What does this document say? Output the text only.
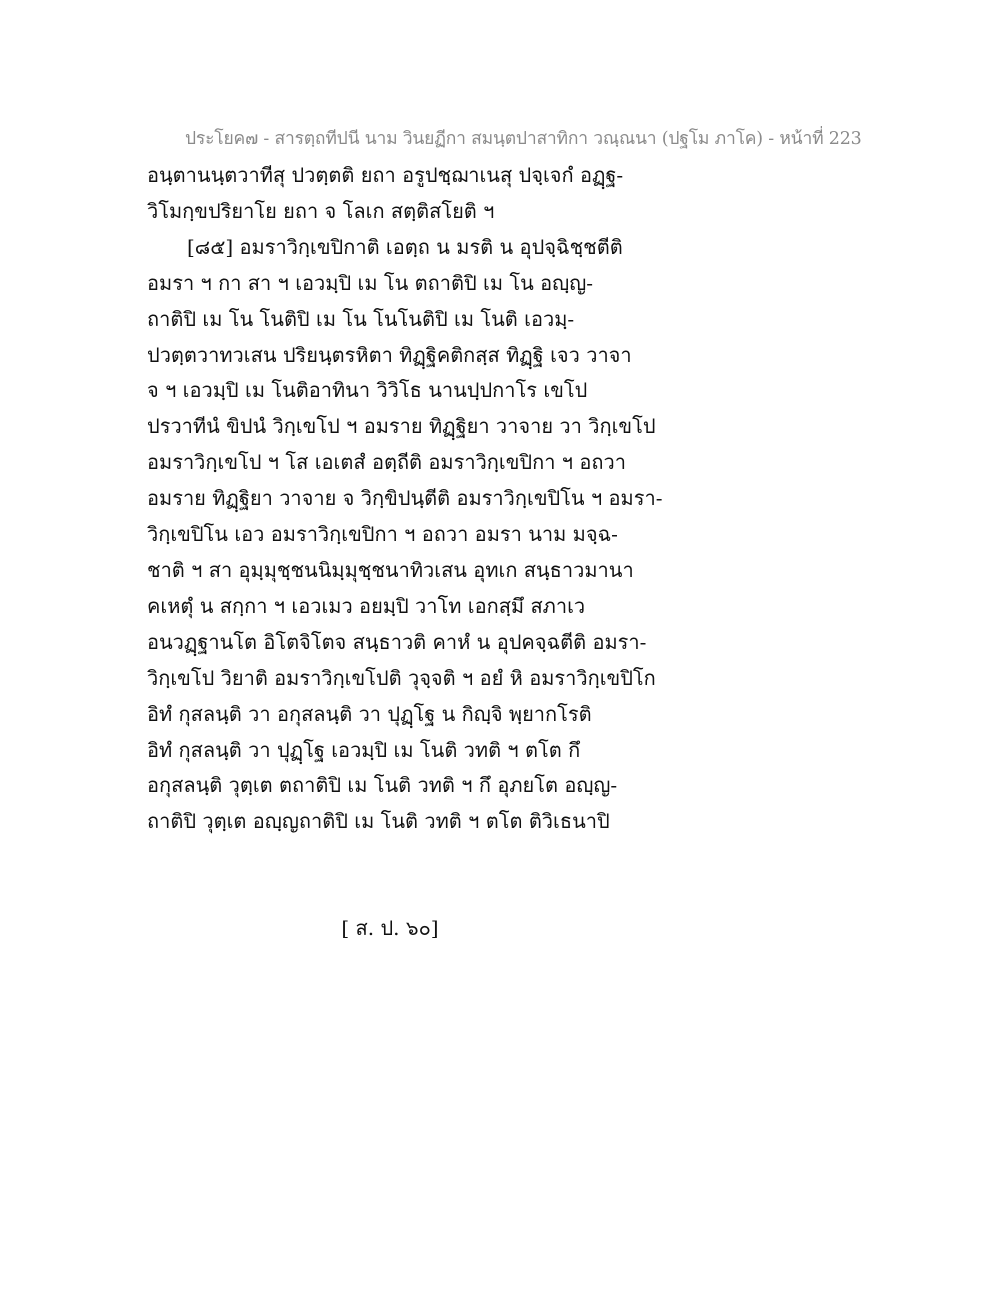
ประโยค๗ - สารตฺถทีปนี นาม วินยฏีกา สมนฺตปาสาทิกา วณฺณนา (ปฐโม ภาโค) - หน้าที่ 223
อนฺตานนฺตวาทีสุ ปวตฺตติ ยถา อรูปชฺฌาเนสุ ปจฺเจกํ อฏฺฐ-
วิโมกฺขปริยาโย ยถา จ โลเก สตฺติสโยติ ฯ
[๘๕] อมราวิกฺเขปิกาติ เอตฺถ น มรติ น อุปจฺฉิชฺชตีติ
อมรา ฯ กา สา ฯ เอวมฺปิ เม โน ตถาติปิ เม โน อญฺญ-
ถาติปิ เม โน โนติปิ เม โน โนโนติปิ เม โนติ เอวมฺ-
ปวตฺตวาทวเสน ปริยนฺตรหิตา ทิฏฺฐิคติกสฺส ทิฏฺฐิ เจว วาจา
จ ฯ เอวมฺปิ เม โนติอาทินา วิวิโธ นานปฺปกาโร เขโป
ปรวาทีนํ ขิปนํ วิกฺเขโป ฯ อมราย ทิฏฺฐิยา วาจาย วา วิกฺเขโป
อมราวิกฺเขโป ฯ โส เอเตสํ อตฺถีติ อมราวิกฺเขปิกา ฯ อถวา
อมราย ทิฏฺฐิยา วาจาย จ วิกฺขิปนฺตีติ อมราวิกฺเขปิโน ฯ อมรา-
วิกฺเขปิโน เอว อมราวิกฺเขปิกา ฯ อถวา อมรา นาม มจฺฉ-
ชาติ ฯ สา อุมฺมุชฺชนนิมฺมุชฺชนาทิวเสน อุทเก สนฺธาวมานา
คเหตุํ น สกฺกา ฯ เอวเมว อยมฺปิ วาโท เอกสฺมึ สภาเว
อนวฏฺฐานโต อิโตจิโตจ สนฺธาวติ คาหํ น อุปคจฺฉตีติ อมรา-
วิกฺเขโป วิยาติ อมราวิกฺเขโปติ วุจฺจติ ฯ อยํ หิ อมราวิกฺเขปิโก
อิทํ กุสลนฺติ วา อกุสลนฺติ วา ปุฏฺโฐ น กิญฺจิ พฺยากโรติ
อิทํ กุสลนฺติ วา ปุฏฺโฐ เอวมฺปิ เม โนติ วทติ ฯ ตโต กึ
อกุสลนฺติ วุตฺเต ตถาติปิ เม โนติ วทติ ฯ กึ อุภยโต อญฺญ-
ถาติปิ วุตฺเต อญฺญถาติปิ เม โนติ วทติ ฯ ตโต ติวิเธนาปิ
[ ส. ป. ๖๐]
